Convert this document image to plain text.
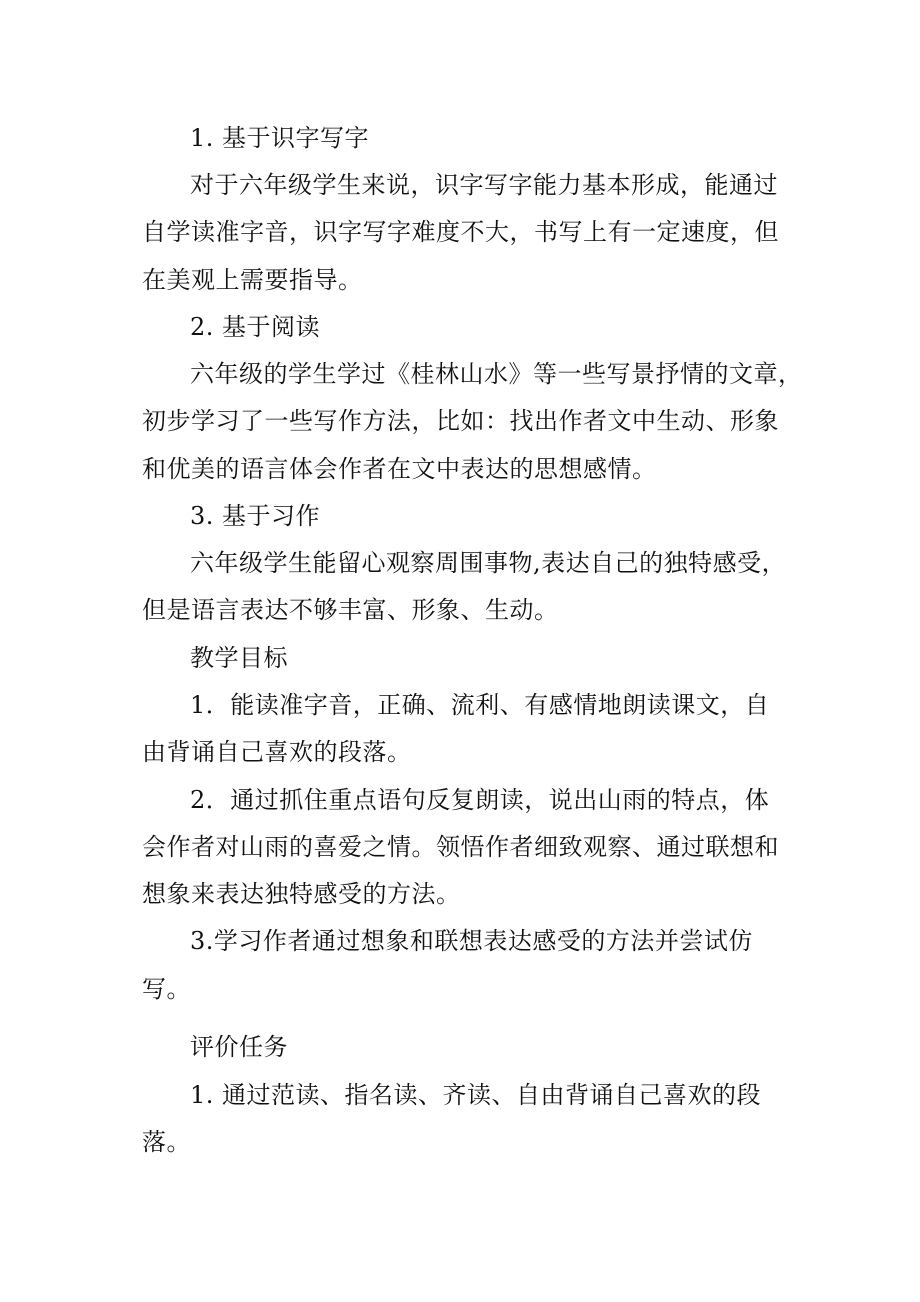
1. 基于识字写字
对于六年级学生来说，识字写字能力基本形成，能通过
自学读准字音，识字写字难度不大，书写上有一定速度，但
在美观上需要指导。
2. 基于阅读
六年级的学生学过《桂林山水》等一些写景抒情的文章，
初步学习了一些写作方法，比如：找出作者文中生动、形象
和优美的语言体会作者在文中表达的思想感情。
3. 基于习作
六年级学生能留心观察周围事物,表达自己的独特感受，
但是语言表达不够丰富、形象、生动。
教学目标
1．能读准字音，正确、流利、有感情地朗读课文，自
由背诵自己喜欢的段落。
2．通过抓住重点语句反复朗读，说出山雨的特点，体
会作者对山雨的喜爱之情。领悟作者细致观察、通过联想和
想象来表达独特感受的方法。
3.学习作者通过想象和联想表达感受的方法并尝试仿
写。
评价任务
1. 通过范读、指名读、齐读、自由背诵自己喜欢的段
落。
